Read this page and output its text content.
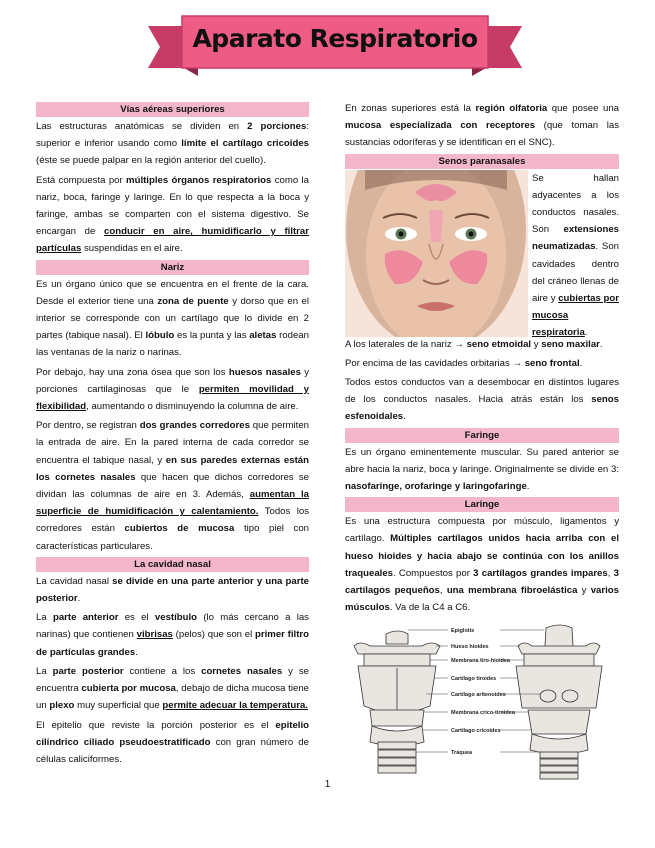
Aparato Respiratorio
Vías aéreas superiores

Las estructuras anatómicas se dividen en 2 porciones: superior e inferior usando como límite el cartílago cricoides (éste se puede palpar en la región anterior del cuello).

Está compuesta por múltiples órganos respiratorios como la nariz, boca, faringe y laringe. En lo que respecta a la boca y faringe, ambas se comparten con el sistema digestivo. Se encargan de conducir en aire, humidificarlo y filtrar partículas suspendidas en el aire.

Nariz

Es un órgano único que se encuentra en el frente de la cara. Desde el exterior tiene una zona de puente y dorso que en el interior se corresponde con un cartílago que lo divide en 2 partes (tabique nasal). El lóbulo es la punta y las aletas rodean las ventanas de la nariz o narinas.

Por debajo, hay una zona ósea que son los huesos nasales y porciones cartilaginosas que le permiten movilidad y flexibilidad, aumentando o disminuyendo la columna de aire.

Por dentro, se registran dos grandes corredores que permiten la entrada de aire. En la pared interna de cada corredor se encuentra el tabique nasal, y en sus paredes externas están los cornetes nasales que hacen que dichos corredores se dividan las columnas de aire en 3. Además, aumentan la superficie de humidificación y calentamiento. Todos los corredores están cubiertos de mucosa tipo piel con características particulares.

La cavidad nasal

La cavidad nasal se divide en una parte anterior y una parte posterior.

La parte anterior es el vestíbulo (lo más cercano a las narinas) que contienen vibrisas (pelos) que son el primer filtro de partículas grandes.

La parte posterior contiene a los cornetes nasales y se encuentra cubierta por mucosa, debajo de dicha mucosa tiene un plexo muy superficial que permite adecuar la temperatura.

El epitelio que reviste la porción posterior es el epitelio cilíndrico ciliado pseudoestratificado con gran número de células caliciformes.

En zonas superiores está la región olfatoria que posee una mucosa especializada con receptores (que toman las sustancias odoríferas y se identifican en el SNC).

Senos paranasales
Se hallan adyacentes a los conductos nasales. Son extensiones neumatizadas. Son cavidades dentro del cráneo llenas de aire y cubiertas por mucosa respiratoria.

A los laterales de la nariz → seno etmoidal y seno maxilar.

Por encima de las cavidades orbitarias → seno frontal.

Todos estos conductos van a desembocar en distintos lugares de los conductos nasales. Hacia atrás están los senos esfenoidales.

Faringe

Es un órgano eminentemente muscular. Su pared anterior se abre hacia la nariz, boca y laringe. Originalmente se divide en 3: nasofaringe, orofaringe y laringofaringe.

Laringe

Es una estructura compuesta por músculo, ligamentos y cartílago. Múltiples cartílagos unidos hacia arriba con el hueso hioides y hacia abajo se continúa con los anillos traqueales. Compuestos por 3 cartílagos grandes impares, 3 cartílagos pequeños, una membrana fibroelástica y varios músculos. Va de la C4 a C6.

Epiglotis
Hueso hioides
Membrana tiro-hioidea
Cartílago tiroides
Cartílago aritenoides
Membrana crico-tiroidea
Cartílago cricoides
Tráquea
1
